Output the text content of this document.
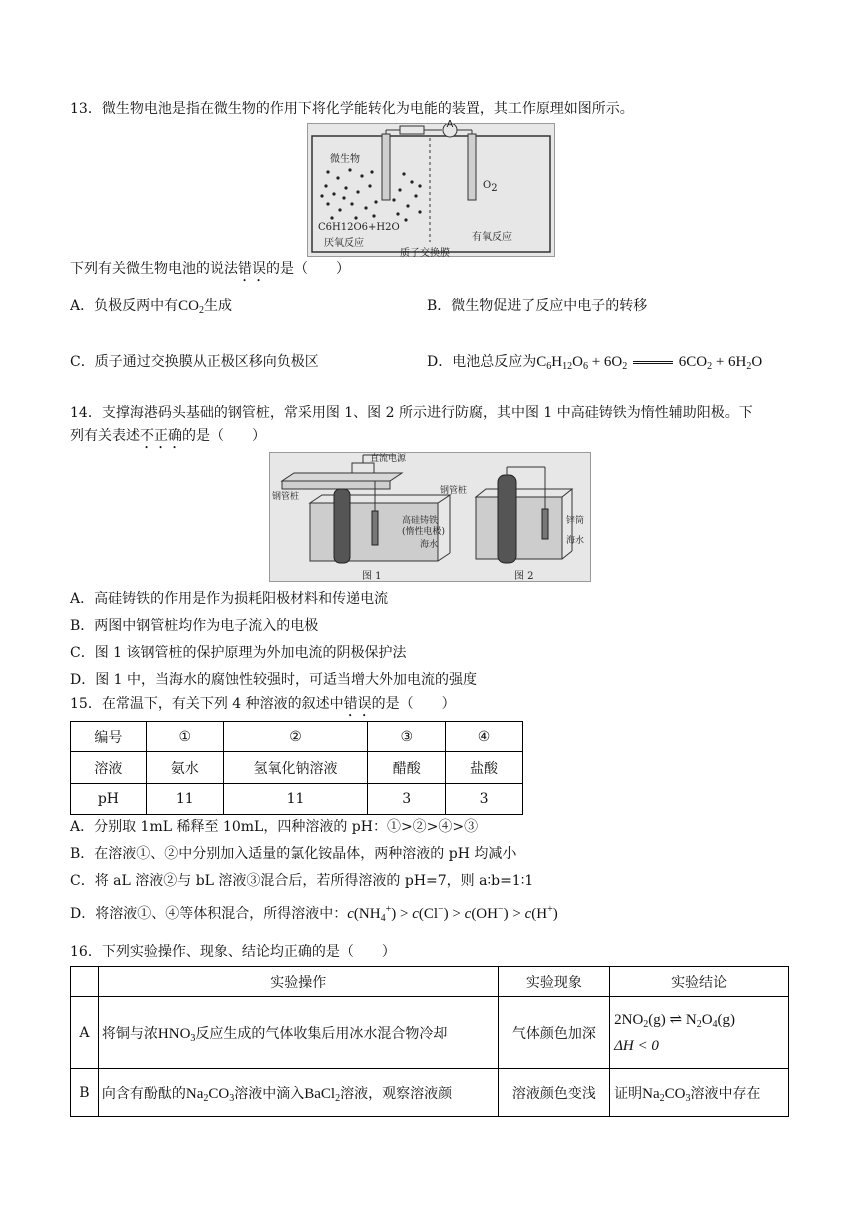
13．微生物电池是指在微生物的作用下将化学能转化为电能的装置，其工作原理如图所示。
A
微生物
$O_2$
C6H12O6+H2O
厌氧反应
质子交换膜
有氧反应
下列有关微生物电池的说法错误的是（　　）
A．负极反两中有$CO_2$生成	B．微生物促进了反应中电子的转移
C．质子通过交换膜从正极区移向负极区	D．电池总反应为$C_6H_{12}O_6 + 6O_2$	$6CO_2 + 6H_2O$
14．支撑海港码头基础的钢管桩，常采用图 1、图 2 所示进行防腐，其中图 1 中高硅铸铁为惰性辅助阳极。下
列有关表述不正确的是（　　）
直流电源
钢管桩
高硅铸铁
(惰性电极)
海水
图 1
钢管桩
锌筒
海水
图 2
A．高硅铸铁的作用是作为损耗阳极材料和传递电流
B．两图中钢管桩均作为电子流入的电极
C．图 1 该钢管桩的保护原理为外加电流的阴极保护法
D．图 1 中，当海水的腐蚀性较强时，可适当增大外加电流的强度
15．在常温下，有关下列 4 种溶液的叙述中错误的是（　　）
编号	①	②	③	④
溶液	氨水	氢氧化钠溶液	醋酸	盐酸
pH	11	11	3	3
A．分别取 1mL 稀释至 10mL，四种溶液的 pH：①>②>④>③
B．在溶液①、②中分别加入适量的氯化铵晶体，两种溶液的 pH 均减小
C．将 aL 溶液②与 bL 溶液③混合后，若所得溶液的 pH=7，则 a∶b=1∶1
D．将溶液①、④等体积混合，所得溶液中：$c(NH_4^+) > c(Cl^-) > c(OH^-) > c(H^+)$
16．下列实验操作、现象、结论均正确的是（　　）
	实验操作	实验现象	实验结论
A	将铜与浓$HNO_3$反应生成的气体收集后用冰水混合物冷却	气体颜色加深	$2NO_2(g)$ ⇌ $N_2O_4(g)$
ΔH < 0

B	向含有酚酞的$Na_2CO_3$溶液中滴入BaCl$_2$溶液，观察溶液颜	溶液颜色变浅	证明$Na_2CO_3$溶液中存在
